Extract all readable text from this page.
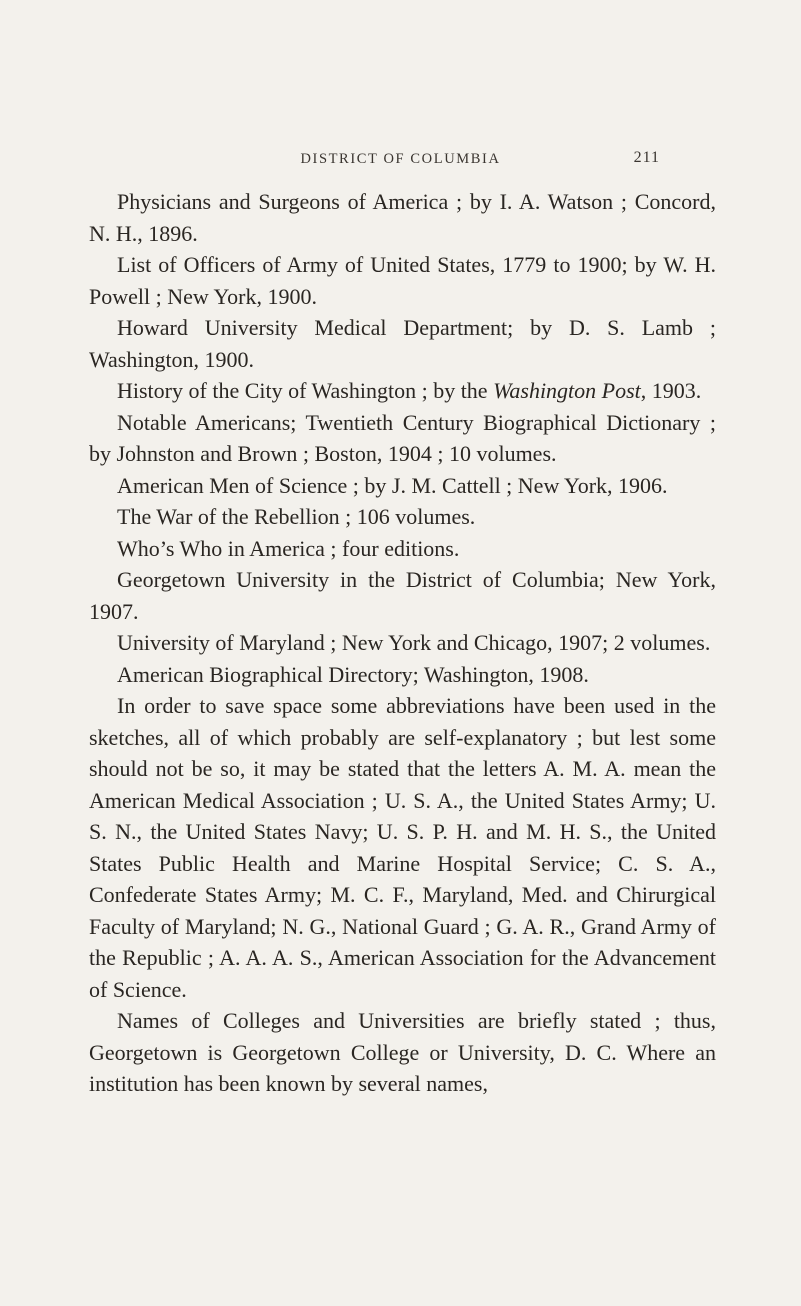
DISTRICT OF COLUMBIA	211

Physicians and Surgeons of America ; by I. A. Watson ; Concord, N. H., 1896.

List of Officers of Army of United States, 1779 to 1900; by W. H. Powell ; New York, 1900.

Howard University Medical Department; by D. S. Lamb ; Washington, 1900.

History of the City of Washington ; by the Washington Post, 1903.

Notable Americans; Twentieth Century Biographical Dictionary ; by Johnston and Brown ; Boston, 1904 ; 10 volumes.

American Men of Science ; by J. M. Cattell ; New York, 1906.

The War of the Rebellion ; 106 volumes.

Who’s Who in America ; four editions.

Georgetown University in the District of Columbia; New York, 1907.

University of Maryland ; New York and Chicago, 1907; 2 volumes.

American Biographical Directory; Washington, 1908.

In order to save space some abbreviations have been used in the sketches, all of which probably are self-explanatory ; but lest some should not be so, it may be stated that the letters A. M. A. mean the American Medical Association ; U. S. A., the United States Army; U. S. N., the United States Navy; U. S. P. H. and M. H. S., the United States Public Health and Marine Hospital Service; C. S. A., Confederate States Army; M. C. F., Maryland, Med. and Chirurgical Faculty of Maryland; N. G., National Guard ; G. A. R., Grand Army of the Republic ; A. A. A. S., American Association for the Advancement of Science.

Names of Colleges and Universities are briefly stated ; thus, Georgetown is Georgetown College or University, D. C. Where an institution has been known by several names,
